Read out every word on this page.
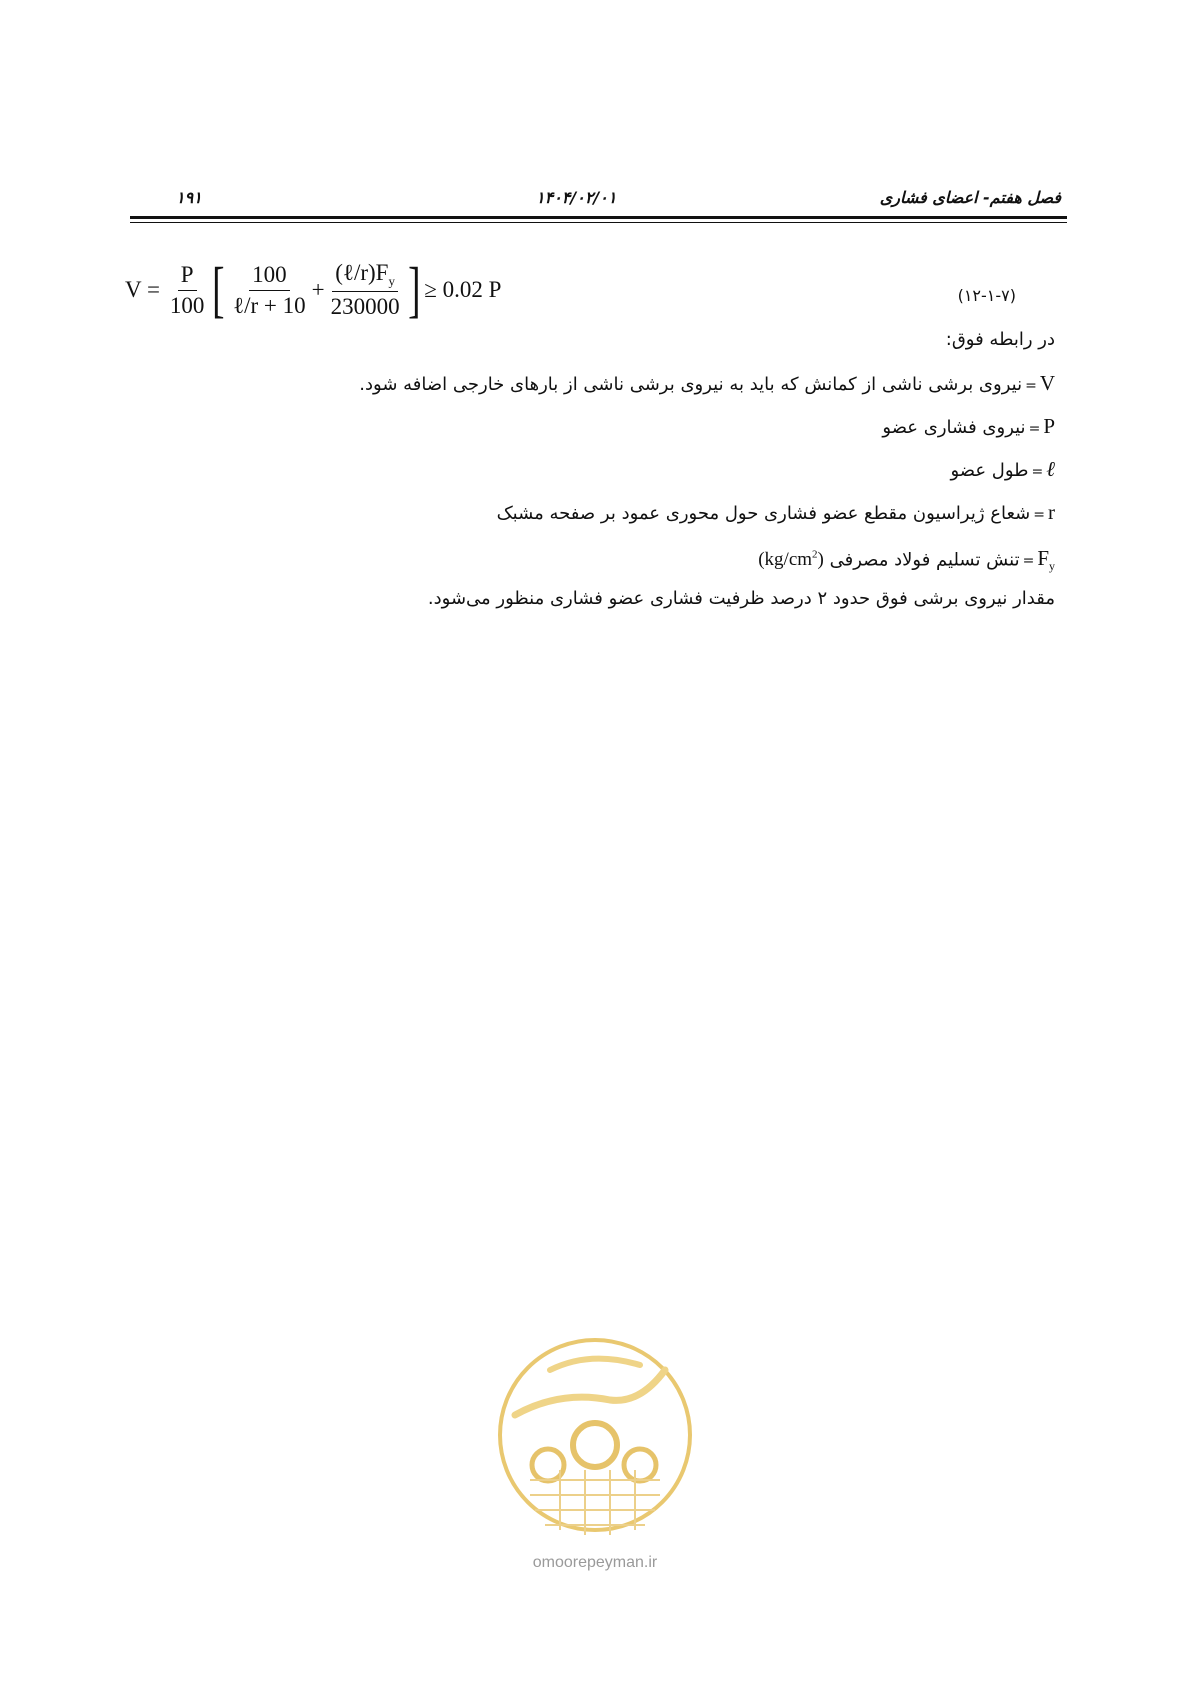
۱۹۱	۱۴۰۴/۰۲/۰۱	فصل هفتم- اعضای فشاری
$V = \frac{P}{100}$ [ $\frac{100}{\text{ℓ/r + 10}} + \frac{(\ell/r)F_y}{230000}$ ] ≥ 0.02 P	(۱۲-۱-۷)
در رابطه فوق:
V=نیروی برشی ناشی از کمانش که باید به نیروی برشی ناشی از بارهای خارجی اضافه شود.
P=نیروی فشاری عضو
ℓ=طول عضو
r=شعاع ژیراسیون مقطع عضو فشاری حول محوری عمود بر صفحه مشبک
$F_y=تنش$ تسلیم فولاد مصرفی $(kg/cm^2)$
مقدار نیروی برشی فوق حدود ۲ درصد ظرفیت فشاری عضو فشاری منظور می‌شود.
omoorepeyman.ir
